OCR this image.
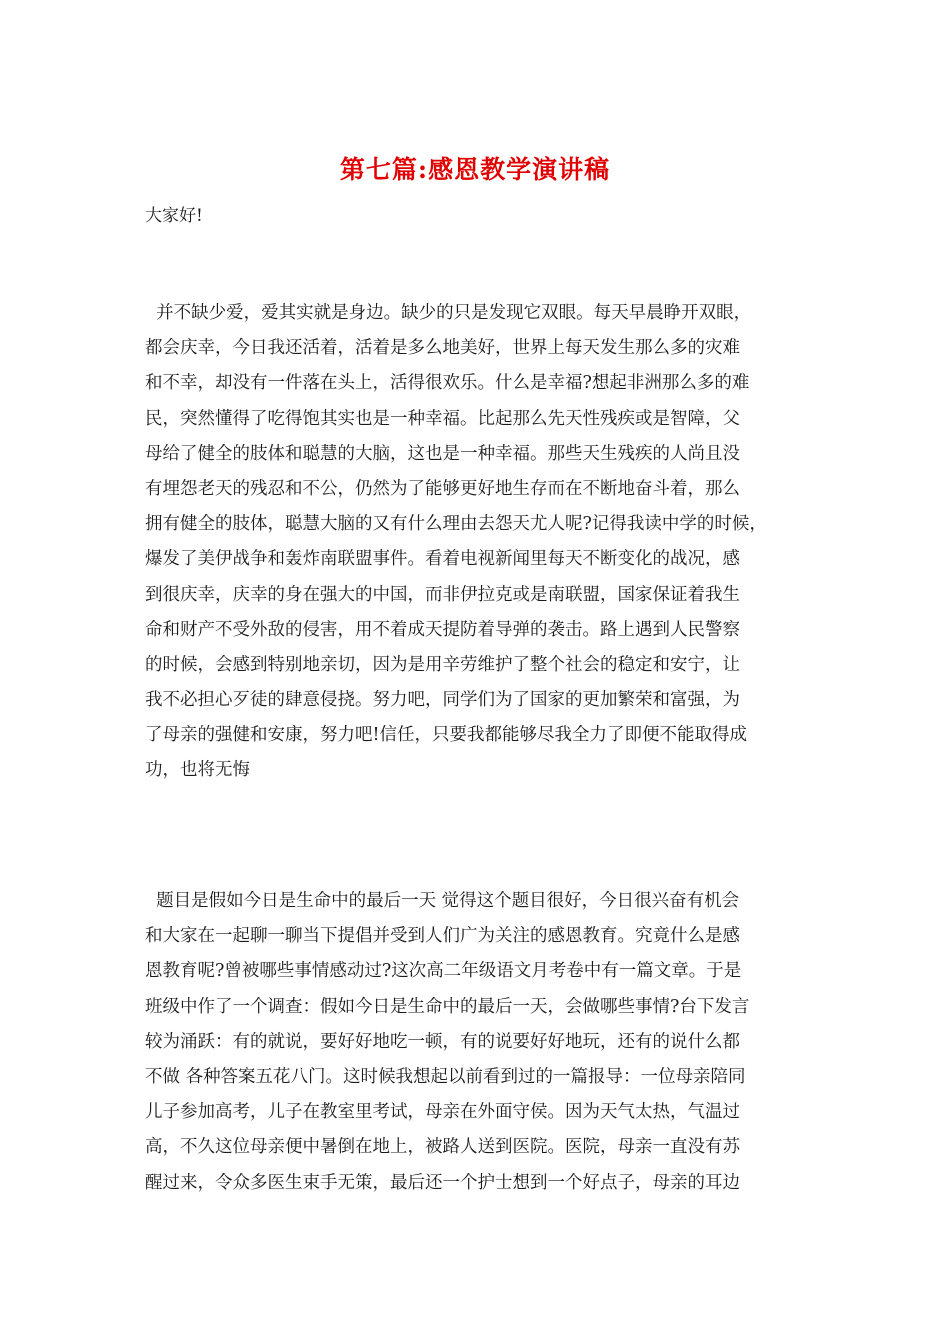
第七篇:感恩教学演讲稿
大家好!
并不缺少爱，爱其实就是身边。缺少的只是发现它双眼。每天早晨睁开双眼，
都会庆幸，今日我还活着，活着是多么地美好，世界上每天发生那么多的灾难
和不幸，却没有一件落在头上，活得很欢乐。什么是幸福?想起非洲那么多的难
民，突然懂得了吃得饱其实也是一种幸福。比起那么先天性残疾或是智障，父
母给了健全的肢体和聪慧的大脑，这也是一种幸福。那些天生残疾的人尚且没
有埋怨老天的残忍和不公，仍然为了能够更好地生存而在不断地奋斗着，那么
拥有健全的肢体，聪慧大脑的又有什么理由去怨天尤人呢?记得我读中学的时候，
爆发了美伊战争和轰炸南联盟事件。看着电视新闻里每天不断变化的战况，感
到很庆幸，庆幸的身在强大的中国，而非伊拉克或是南联盟，国家保证着我生
命和财产不受外敌的侵害，用不着成天提防着导弹的袭击。路上遇到人民警察
的时候，会感到特别地亲切，因为是用辛劳维护了整个社会的稳定和安宁，让
我不必担心歹徒的肆意侵挠。努力吧，同学们为了国家的更加繁荣和富强，为
了母亲的强健和安康，努力吧!信任，只要我都能够尽我全力了即便不能取得成
功，也将无悔
题目是假如今日是生命中的最后一天 觉得这个题目很好，今日很兴奋有机会
和大家在一起聊一聊当下提倡并受到人们广为关注的感恩教育。究竟什么是感
恩教育呢?曾被哪些事情感动过?这次高二年级语文月考卷中有一篇文章。于是
班级中作了一个调查：假如今日是生命中的最后一天，会做哪些事情?台下发言
较为涌跃：有的就说，要好好地吃一顿，有的说要好好地玩，还有的说什么都
不做 各种答案五花八门。这时候我想起以前看到过的一篇报导：一位母亲陪同
儿子参加高考，儿子在教室里考试，母亲在外面守侯。因为天气太热，气温过
高，不久这位母亲便中暑倒在地上，被路人送到医院。医院，母亲一直没有苏
醒过来，令众多医生束手无策，最后还一个护士想到一个好点子，母亲的耳边
